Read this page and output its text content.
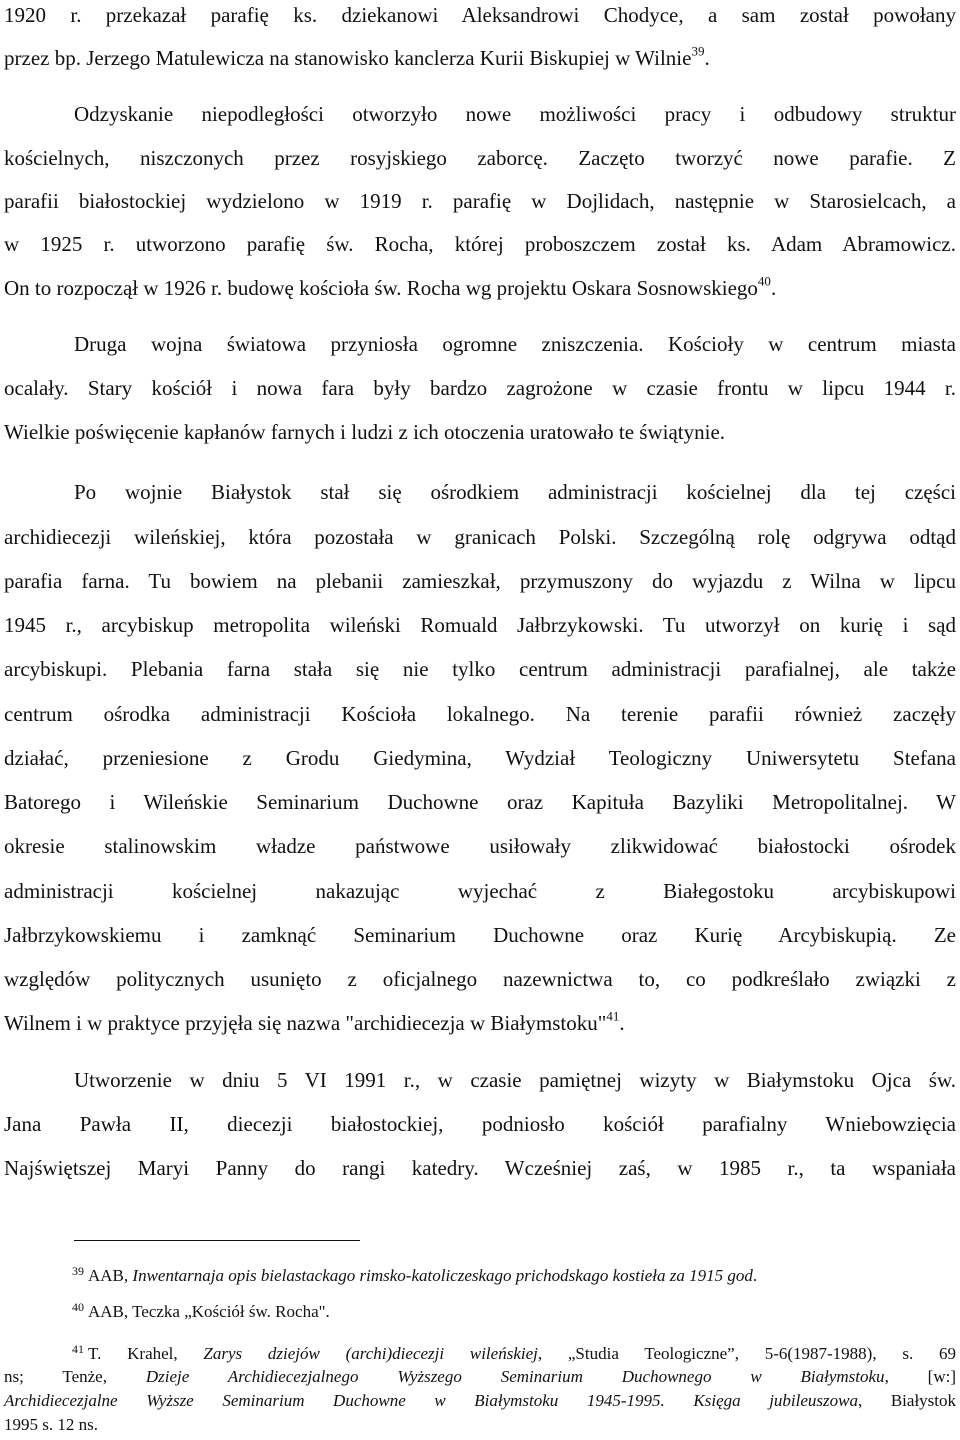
1920 r. przekazał parafię ks. dziekanowi Aleksandrowi Chodyce, a sam został powołany
przez bp. Jerzego Matulewicza na stanowisko kanclerza Kurii Biskupiej w Wilnie$^{39}$.
Odzyskanie niepodległości otworzyło nowe możliwości pracy i odbudowy struktur
kościelnych, niszczonych przez rosyjskiego zaborcę. Zaczęto tworzyć nowe parafie. Z
parafii białostockiej wydzielono w 1919 r. parafię w Dojlidach, następnie w Starosielcach, a
w 1925 r. utworzono parafię św. Rocha, której proboszczem został ks. Adam Abramowicz.
On to rozpoczął w 1926 r. budowę kościoła św. Rocha wg projektu Oskara Sosnowskiego$^{40}$.
Druga wojna światowa przyniosła ogromne zniszczenia. Kościoły w centrum miasta
ocalały. Stary kościół i nowa fara były bardzo zagrożone w czasie frontu w lipcu 1944 r.
Wielkie poświęcenie kapłanów farnych i ludzi z ich otoczenia uratowało te świątynie.
Po wojnie Białystok stał się ośrodkiem administracji kościelnej dla tej części
archidiecezji wileńskiej, która pozostała w granicach Polski. Szczególną rolę odgrywa odtąd
parafia farna. Tu bowiem na plebanii zamieszkał, przymuszony do wyjazdu z Wilna w lipcu
1945 r., arcybiskup metropolita wileński Romuald Jałbrzykowski. Tu utworzył on kurię i sąd
arcybiskupi. Plebania farna stała się nie tylko centrum administracji parafialnej, ale także
centrum ośrodka administracji Kościoła lokalnego. Na terenie parafii również zaczęły
działać, przeniesione z Grodu Giedymina, Wydział Teologiczny Uniwersytetu Stefana
Batorego i Wileńskie Seminarium Duchowne oraz Kapituła Bazyliki Metropolitalnej. W
okresie stalinowskim władze państwowe usiłowały zlikwidować białostocki ośrodek
administracji kościelnej nakazując wyjechać z Białegostoku arcybiskupowi
Jałbrzykowskiemu i zamknąć Seminarium Duchowne oraz Kurię Arcybiskupią. Ze
względów politycznych usunięto z oficjalnego nazewnictwa to, co podkreślało związki z
Wilnem i w praktyce przyjęła się nazwa "archidiecezja w Białymstoku"$^{41}$.
Utworzenie w dniu 5 VI 1991 r., w czasie pamiętnej wizyty w Białymstoku Ojca św.
Jana Pawła II, diecezji białostockiej, podniosło kościół parafialny Wniebowzięcia
Najświętszej Maryi Panny do rangi katedry. Wcześniej zaś, w 1985 r., ta wspaniała
$^{39}$ AAB, Inwentarnaja opis bielastackago rimsko-katoliczeskago prichodskago kostieła za 1915 god.
$^{40}$ AAB, Teczka „Kościół św. Rocha".
$^{41}$ T. Krahel, Zarys dziejów (archi)diecezji wileńskiej, „Studia Teologiczne”, 5-6(1987-1988), s. 69
ns; Tenże, Dzieje Archidiecezjalnego Wyższego Seminarium Duchownego w Białymstoku, [w:]
Archidiecezjalne Wyższe Seminarium Duchowne w Białymstoku 1945-1995. Księga jubileuszowa, Białystok
1995 s. 12 ns.
